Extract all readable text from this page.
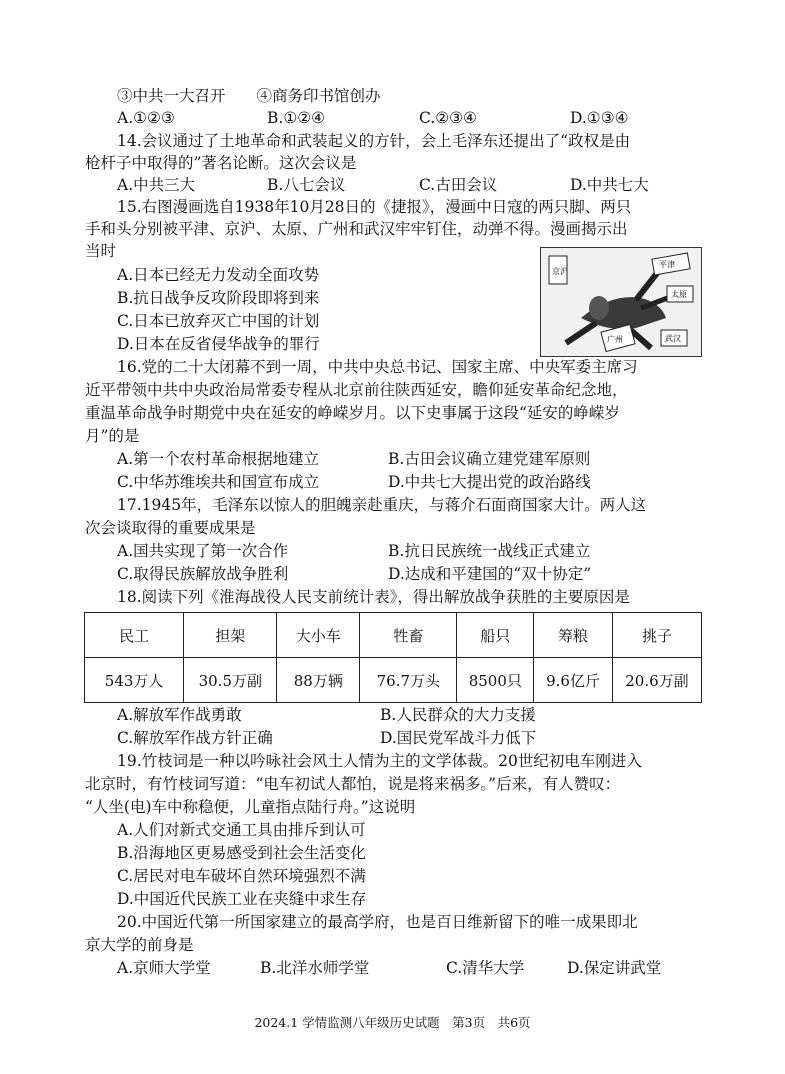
③中共一大召开　　④商务印书馆创办
A.①②③	B.①②④	C.②③④	D.①③④
14.会议通过了土地革命和武装起义的方针，会上毛泽东还提出了“政权是由
枪杆子中取得的”著名论断。这次会议是
A.中共三大	B.八七会议	C.古田会议	D.中共七大
15.右图漫画选自1938年10月28日的《捷报》，漫画中日寇的两只脚、两只
手和头分别被平津、京沪、太原、广州和武汉牢牢钉住，动弹不得。漫画揭示出
当时
A.日本已经无力发动全面攻势
B.抗日战争反攻阶段即将到来
C.日本已放弃灭亡中国的计划
D.日本在反省侵华战争的罪行
京沪
平津
太原
广州	武汉
16.党的二十大闭幕不到一周，中共中央总书记、国家主席、中央军委主席习
近平带领中共中央政治局常委专程从北京前往陕西延安，瞻仰延安革命纪念地，
重温革命战争时期党中央在延安的峥嵘岁月。以下史事属于这段“延安的峥嵘岁
月”的是
A.第一个农村革命根据地建立	B.古田会议确立建党建军原则
C.中华苏维埃共和国宣布成立	D.中共七大提出党的政治路线
17.1945年，毛泽东以惊人的胆魄亲赴重庆，与蒋介石面商国家大计。两人这
次会谈取得的重要成果是
A.国共实现了第一次合作	B.抗日民族统一战线正式建立
C.取得民族解放战争胜利	D.达成和平建国的“双十协定”
18.阅读下列《淮海战役人民支前统计表》，得出解放战争获胜的主要原因是
民工	担架	大小车	牲畜	船只	筹粮	挑子
543万人	30.5万副	88万辆	76.7万头	8500只	9.6亿斤	20.6万副
A.解放军作战勇敢	B.人民群众的大力支援
C.解放军作战方针正确	D.国民党军战斗力低下
19.竹枝词是一种以吟咏社会风土人情为主的文学体裁。20世纪初电车刚进入
北京时，有竹枝词写道：“电车初试人都怕，说是将来祸多。”后来，有人赞叹：
“人坐(电)车中称稳便，儿童指点陆行舟。”这说明
A.人们对新式交通工具由排斥到认可
B.沿海地区更易感受到社会生活变化
C.居民对电车破坏自然环境强烈不满
D.中国近代民族工业在夹缝中求生存
20.中国近代第一所国家建立的最高学府，也是百日维新留下的唯一成果即北
京大学的前身是
A.京师大学堂	B.北洋水师学堂	C.清华大学	D.保定讲武堂
2024.1 学情监测八年级历史试题　第3页　共6页
